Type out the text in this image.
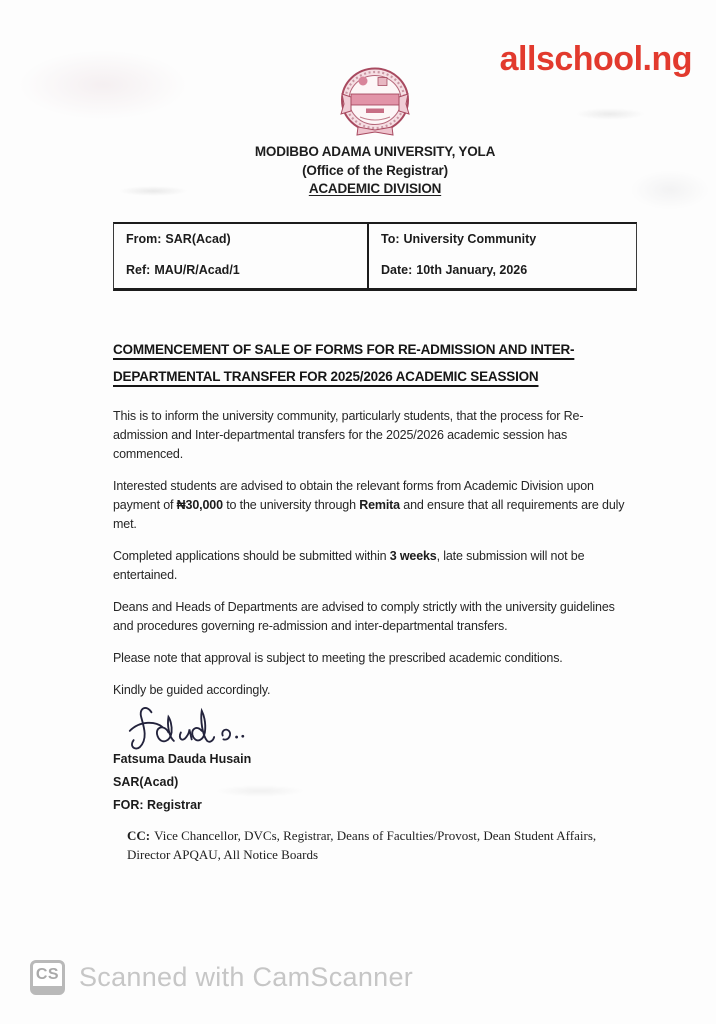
allschool.ng
MODIBBO ADAMA UNIVERSITY, YOLA
(Office of the Registrar)
ACADEMIC DIVISION
From: SAR(Acad)
Ref: MAU/R/Acad/1
To: University Community
Date: 10th January, 2026
COMMENCEMENT OF SALE OF FORMS FOR RE-ADMISSION AND INTER-
DEPARTMENTAL TRANSFER FOR 2025/2026 ACADEMIC SEASSION

This is to inform the university community, particularly students, that the process for Re-admission and Inter-departmental transfers for the 2025/2026 academic session has commenced.

Interested students are advised to obtain the relevant forms from Academic Division upon payment of ₦30,000 to the university through Remita and ensure that all requirements are duly met.

Completed applications should be submitted within 3 weeks, late submission will not be entertained.

Deans and Heads of Departments are advised to comply strictly with the university guidelines and procedures governing re-admission and inter-departmental transfers.

Please note that approval is subject to meeting the prescribed academic conditions.

Kindly be guided accordingly.

Fatsuma Dauda Husain
SAR(Acad)
FOR: Registrar
CC: Vice Chancellor, DVCs, Registrar, Deans of Faculties/Provost, Dean Student Affairs, Director APQAU, All Notice Boards
CS Scanned with CamScanner
